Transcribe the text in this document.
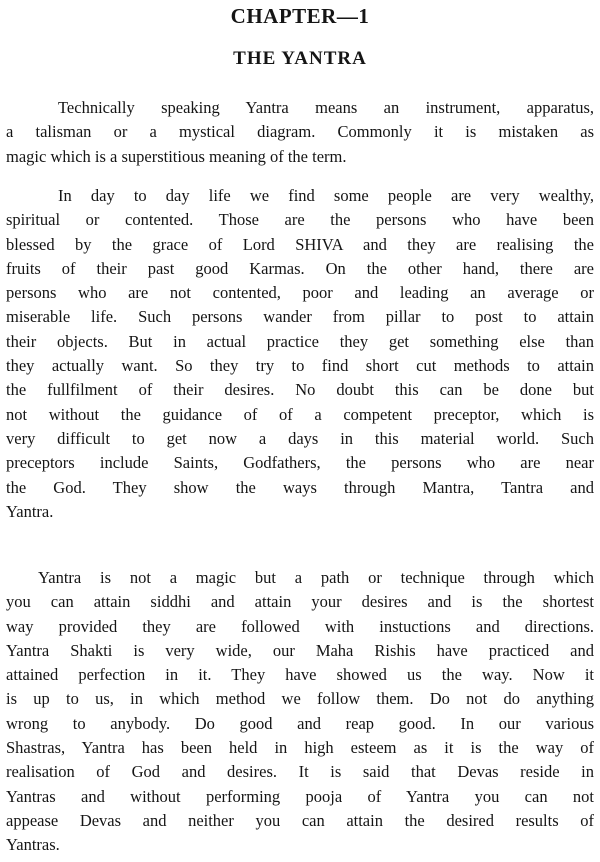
CHAPTER—1
THE YANTRA
Technically speaking Yantra means an instrument, apparatus,
a talisman or a mystical diagram. Commonly it is mistaken as
magic which is a superstitious meaning of the term.
In day to day life we find some people are very wealthy,
spiritual or contented. Those are the persons who have been
blessed by the grace of Lord SHIVA and they are realising the
fruits of their past good Karmas. On the other hand, there are
persons who are not contented, poor and leading an average or
miserable life. Such persons wander from pillar to post to attain
their objects. But in actual practice they get something else than
they actually want. So they try to find short cut methods to attain
the fullfilment of their desires. No doubt this can be done but
not without the guidance of of a competent preceptor, which is
very difficult to get now a days in this material world. Such
preceptors include Saints, Godfathers, the persons who are near
the God. They show the ways through Mantra, Tantra and
Yantra.
Yantra is not a magic but a path or technique through which
you can attain siddhi and attain your desires and is the shortest
way provided they are followed with instuctions and directions.
Yantra Shakti is very wide, our Maha Rishis have practiced and
attained perfection in it. They have showed us the way. Now it
is up to us, in which method we follow them. Do not do anything
wrong to anybody. Do good and reap good. In our various
Shastras, Yantra has been held in high esteem as it is the way of
realisation of God and desires. It is said that Devas reside in
Yantras and without performing pooja of Yantra you can not
appease Devas and neither you can attain the desired results of
Yantras.
